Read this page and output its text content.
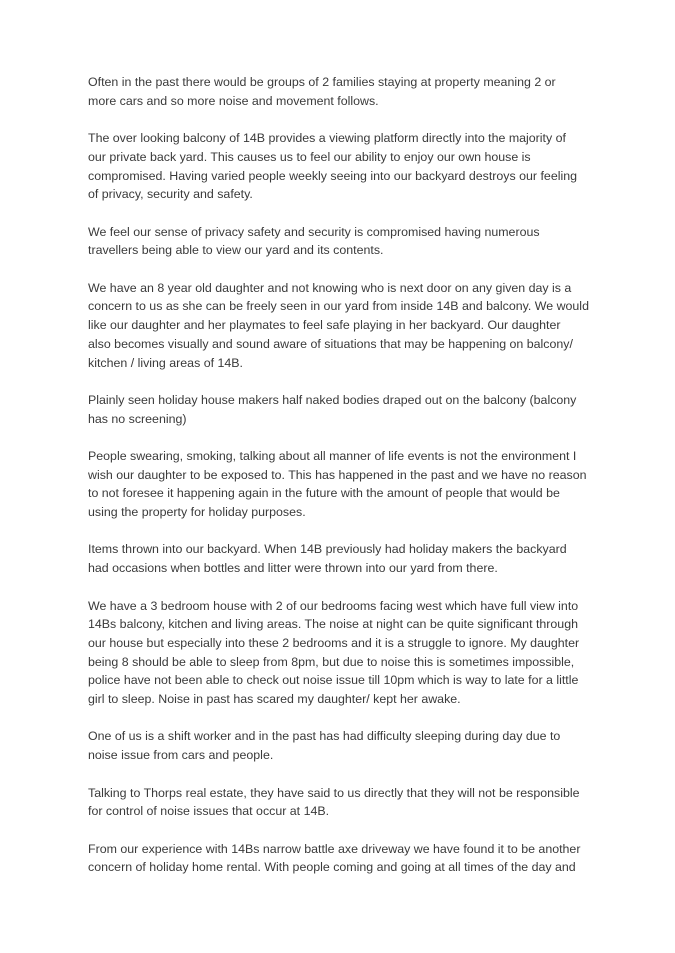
Often in the past there would be groups of 2 families staying at property meaning 2 or
more cars and so more noise and movement follows.

The over looking balcony of 14B provides a viewing platform directly into the majority of
our private back yard. This causes us to feel our ability to enjoy our own house is
compromised. Having varied people weekly seeing into our backyard destroys our feeling
of privacy, security and safety.

We feel our sense of privacy safety and security is compromised having numerous
travellers being able to view our yard and its contents.

We have an 8 year old daughter and not knowing who is next door on any given day is a
concern to us as she can be freely seen in our yard from inside 14B and balcony. We would
like our daughter and her playmates to feel safe playing in her backyard. Our daughter
also becomes visually and sound aware of situations that may be happening on balcony/
kitchen / living areas of 14B.

Plainly seen holiday house makers half naked bodies draped out on the balcony (balcony
has no screening)

People swearing, smoking, talking about all manner of life events is not the environment I
wish our daughter to be exposed to. This has happened in the past and we have no reason
to not foresee it happening again in the future with the amount of people that would be
using the property for holiday purposes.

Items thrown into our backyard. When 14B previously had holiday makers the backyard
had occasions when bottles and litter were thrown into our yard from there.

We have a 3 bedroom house with 2 of our bedrooms facing west which have full view into
14Bs balcony, kitchen and living areas. The noise at night can be quite significant through
our house but especially into these 2 bedrooms and it is a struggle to ignore. My daughter
being 8 should be able to sleep from 8pm, but due to noise this is sometimes impossible,
police have not been able to check out noise issue till 10pm which is way to late for a little
girl to sleep. Noise in past has scared my daughter/ kept her awake.

One of us is a shift worker and in the past has had difficulty sleeping during day due to
noise issue from cars and people.

Talking to Thorps real estate, they have said to us directly that they will not be responsible
for control of noise issues that occur at 14B.

From our experience with 14Bs narrow battle axe driveway we have found it to be another
concern of holiday home rental. With people coming and going at all times of the day and
